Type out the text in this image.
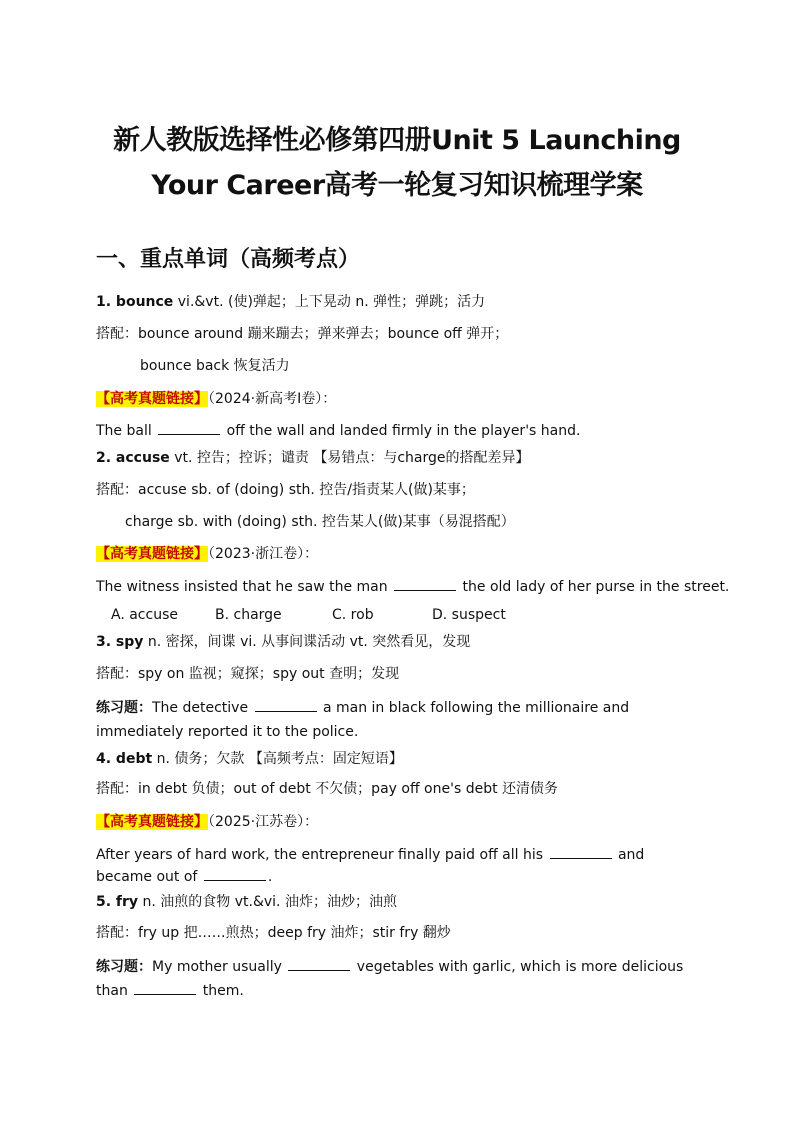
新人教版选择性必修第四册Unit 5 Launching
Your Career高考一轮复习知识梳理学案
一、重点单词（高频考点）
1. bounce vi.&vt. (使)弹起；上下晃动 n. 弹性；弹跳；活力
搭配：bounce around 蹦来蹦去；弹来弹去；bounce off 弹开；
bounce back 恢复活力
【高考真题链接】（2024·新高考Ⅰ卷）：
The ball	off the wall and landed firmly in the player's hand.
2. accuse vt. 控告；控诉；谴责 【易错点：与charge的搭配差异】
搭配：accuse sb. of (doing) sth. 控告/指责某人(做)某事；
charge sb. with (doing) sth. 控告某人(做)某事（易混搭配）
【高考真题链接】（2023·浙江卷）：
The witness insisted that he saw the man	the old lady of her purse in the street.
A. accuse	B. charge	C. rob	D. suspect
3. spy n. 密探，间谍 vi. 从事间谍活动 vt. 突然看见，发现
搭配：spy on 监视；窥探；spy out 查明；发现
练习题：The detective	a man in black following the millionaire and immediately reported it to the police.
4. debt n. 债务；欠款 【高频考点：固定短语】
搭配：in debt 负债；out of debt 不欠债；pay off one's debt 还清债务
【高考真题链接】（2025·江苏卷）：
After years of hard work, the entrepreneur finally paid off all his	and became out of	.
5. fry n. 油煎的食物 vt.&vi. 油炸；油炒；油煎
搭配：fry up 把……煎热；deep fry 油炸；stir fry 翻炒
练习题：My mother usually	vegetables with garlic, which is more delicious than	them.
